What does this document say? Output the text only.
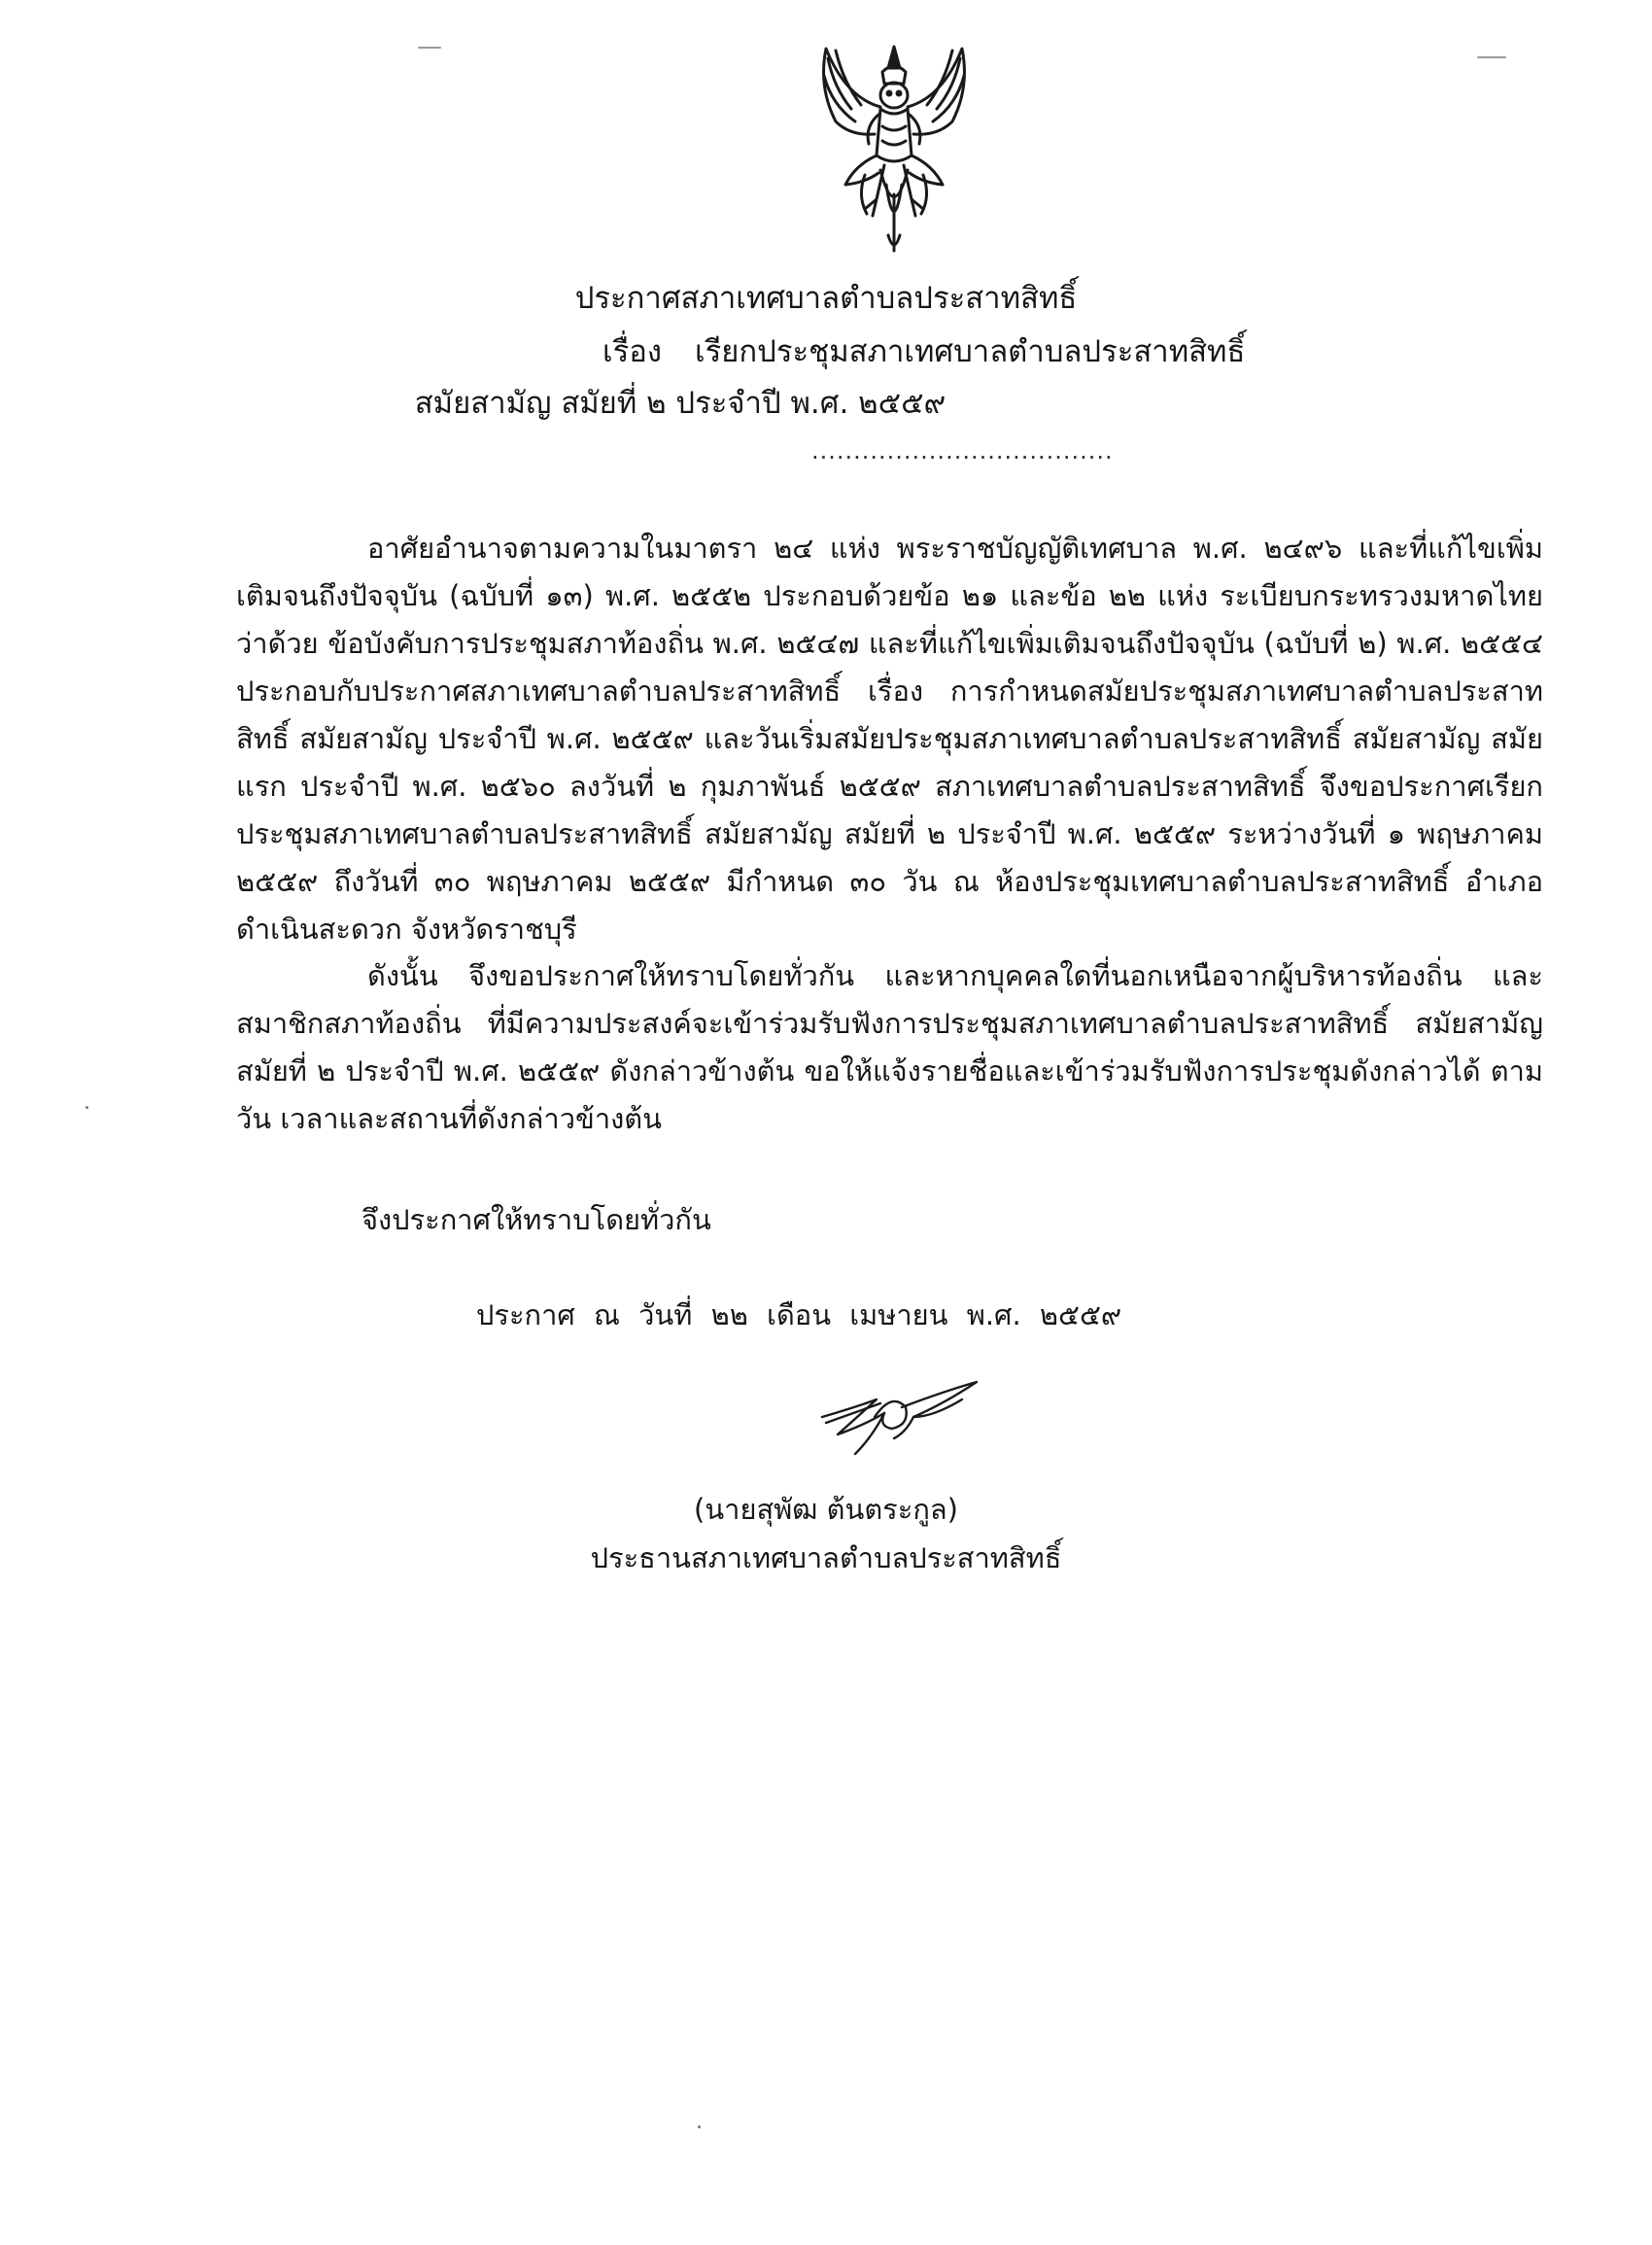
ประกาศสภาเทศบาลตำบลประสาทสิทธิ์
เรื่อง เรียกประชุมสภาเทศบาลตำบลประสาทสิทธิ์
สมัยสามัญ สมัยที่ ๒ ประจำปี พ.ศ. ๒๕๕๙
....................................

อาศัยอำนาจตามความในมาตรา ๒๔ แห่ง พระราชบัญญัติเทศบาล พ.ศ. ๒๔๙๖ และที่แก้ไขเพิ่มเติมจนถึงปัจจุบัน (ฉบับที่ ๑๓) พ.ศ. ๒๕๕๒ ประกอบด้วยข้อ ๒๑ และข้อ ๒๒ แห่ง ระเบียบกระทรวงมหาดไทย ว่าด้วย ข้อบังคับการประชุมสภาท้องถิ่น พ.ศ. ๒๕๔๗ และที่แก้ไขเพิ่มเติมจนถึงปัจจุบัน (ฉบับที่ ๒) พ.ศ. ๒๕๕๔ ประกอบกับประกาศสภาเทศบาลตำบลประสาทสิทธิ์ เรื่อง การกำหนดสมัยประชุมสภาเทศบาลตำบลประสาทสิทธิ์ สมัยสามัญ ประจำปี พ.ศ. ๒๕๕๙ และวันเริ่มสมัยประชุมสภาเทศบาลตำบลประสาทสิทธิ์ สมัยสามัญ สมัยแรก ประจำปี พ.ศ. ๒๕๖๐ ลงวันที่ ๒ กุมภาพันธ์ ๒๕๕๙ สภาเทศบาลตำบลประสาทสิทธิ์ จึงขอประกาศเรียกประชุมสภาเทศบาลตำบลประสาทสิทธิ์ สมัยสามัญ สมัยที่ ๒ ประจำปี พ.ศ. ๒๕๕๙ ระหว่างวันที่ ๑ พฤษภาคม ๒๕๕๙ ถึงวันที่ ๓๐ พฤษภาคม ๒๕๕๙ มีกำหนด ๓๐ วัน ณ ห้องประชุมเทศบาลตำบลประสาทสิทธิ์ อำเภอดำเนินสะดวก จังหวัดราชบุรี

ดังนั้น จึงขอประกาศให้ทราบโดยทั่วกัน และหากบุคคลใดที่นอกเหนือจากผู้บริหารท้องถิ่น และสมาชิกสภาท้องถิ่น ที่มีความประสงค์จะเข้าร่วมรับฟังการประชุมสภาเทศบาลตำบลประสาทสิทธิ์ สมัยสามัญ สมัยที่ ๒ ประจำปี พ.ศ. ๒๕๕๙ ดังกล่าวข้างต้น ขอให้แจ้งรายชื่อและเข้าร่วมรับฟังการประชุมดังกล่าวได้ ตามวัน เวลาและสถานที่ดังกล่าวข้างต้น

จึงประกาศให้ทราบโดยทั่วกัน
ประกาศ ณ วันที่ ๒๒ เดือน เมษายน พ.ศ. ๒๕๕๙
(นายสุพัฒ ต้นตระกูล)
ประธานสภาเทศบาลตำบลประสาทสิทธิ์
